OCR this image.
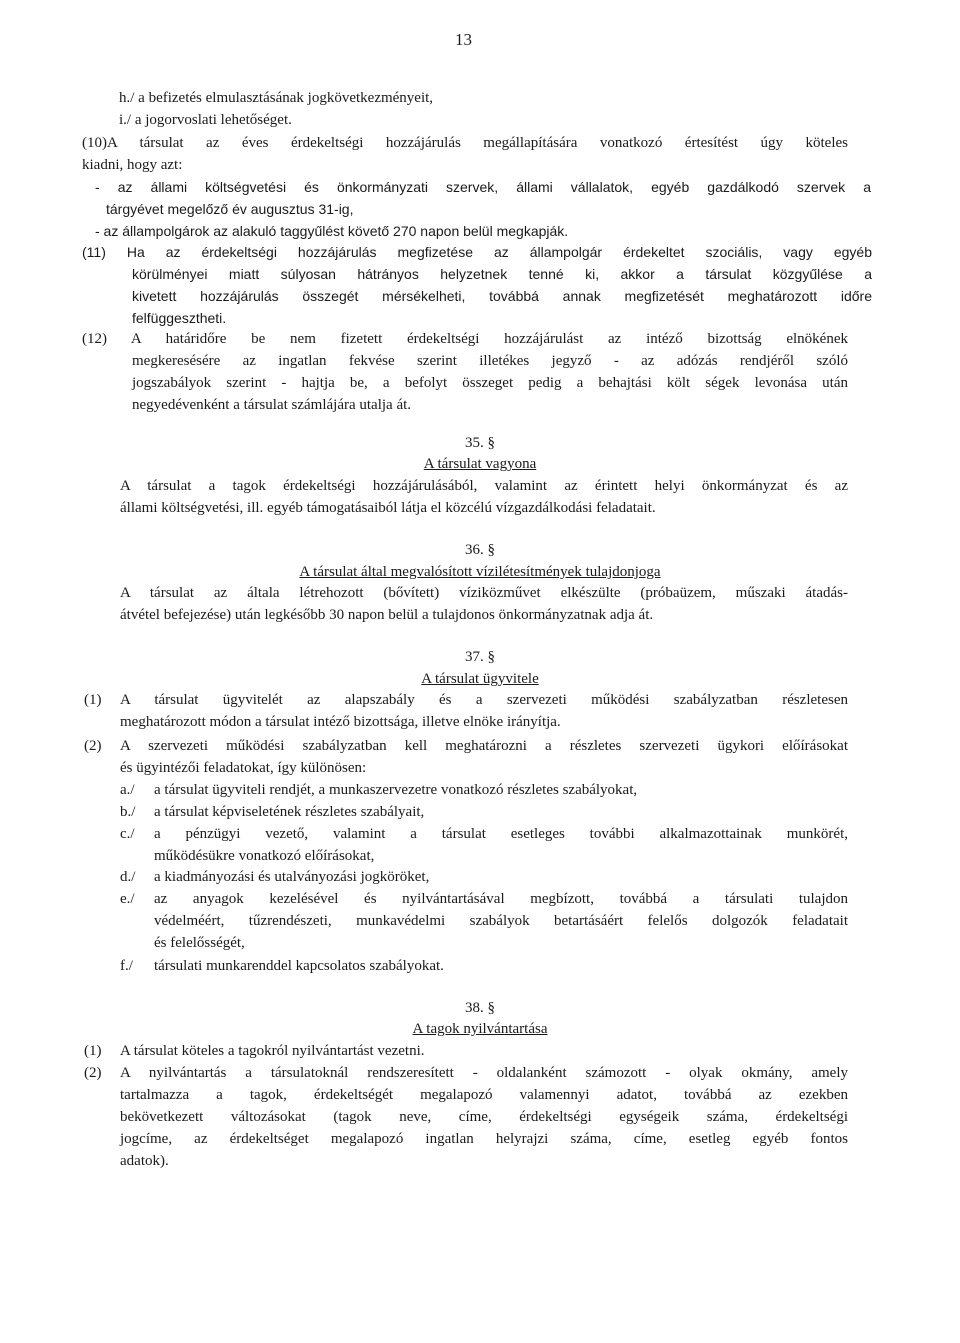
13
h./ a befizetés elmulasztásának jogkövetkezményeit,
i./ a jogorvoslati lehetőséget.
(10)A társulat az éves érdekeltségi hozzájárulás megállapítására vonatkozó értesítést úgy köteles
kiadni, hogy azt:
- az állami költségvetési és önkormányzati szervek, állami vállalatok, egyéb gazdálkodó szervek a
tárgyévet megelőző év augusztus 31-ig,
- az állampolgárok az alakuló taggyűlést követő 270 napon belül megkapják.
(11) Ha az érdekeltségi hozzájárulás megfizetése az állampolgár érdekeltet szociális, vagy egyéb
körülményei miatt súlyosan hátrányos helyzetnek tenné ki, akkor a társulat közgyűlése a
kivetett hozzájárulás összegét mérsékelheti, továbbá annak megfizetését meghatározott időre
felfüggesztheti.
(12) A határidőre be nem fizetett érdekeltségi hozzájárulást az intéző bizottság elnökének
megkeresésére az ingatlan fekvése szerint illetékes jegyző - az adózás rendjéről szóló
jogszabályok szerint - hajtja be, a befolyt összeget pedig a behajtási költ ségek levonása után
negyedévenként a társulat számlájára utalja át.
35. §
A társulat vagyona
A társulat a tagok érdekeltségi hozzájárulásából, valamint az érintett helyi önkormányzat és az
állami költségvetési, ill. egyéb támogatásaiból látja el közcélú vízgazdálkodási feladatait.
36. §
A társulat által megvalósított vízilétesítmények tulajdonjoga
A társulat az általa létrehozott (bővített) víziközművet elkészülte (próbaüzem, műszaki átadás-
átvétel befejezése) után legkésőbb 30 napon belül a tulajdonos önkormányzatnak adja át.
37. §
A társulat ügyvitele
(1) A társulat ügyvitelét az alapszabály és a szervezeti működési szabályzatban részletesen
meghatározott módon a társulat intéző bizottsága, illetve elnöke irányítja.
(2) A szervezeti működési szabályzatban kell meghatározni a részletes szervezeti ügykori előírásokat
és ügyintézői feladatokat, így különösen:
a./ a társulat ügyviteli rendjét, a munkaszervezetre vonatkozó részletes szabályokat,
b./ a társulat képviseletének részletes szabályait,
c./ a pénzügyi vezető, valamint a társulat esetleges további alkalmazottainak munkörét,
működésükre vonatkozó előírásokat,
d./ a kiadmányozási és utalványozási jogköröket,
e./ az anyagok kezelésével és nyilvántartásával megbízott, továbbá a társulati tulajdon
védelméért, tűzrendészeti, munkavédelmi szabályok betartásáért felelős dolgozók feladatait
és felelősségét,
f./ társulati munkarenddel kapcsolatos szabályokat.
38. §
A tagok nyilvántartása
(1) A társulat köteles a tagokról nyilvántartást vezetni.
(2) A nyilvántartás a társulatoknál rendszeresített - oldalanként számozott - olyak okmány, amely
tartalmazza a tagok, érdekeltségét megalapozó valamennyi adatot, továbbá az ezekben
bekövetkezett változásokat (tagok neve, címe, érdekeltségi egységeik száma, érdekeltségi
jogcíme, az érdekeltséget megalapozó ingatlan helyrajzi száma, címe, esetleg egyéb fontos
adatok).
